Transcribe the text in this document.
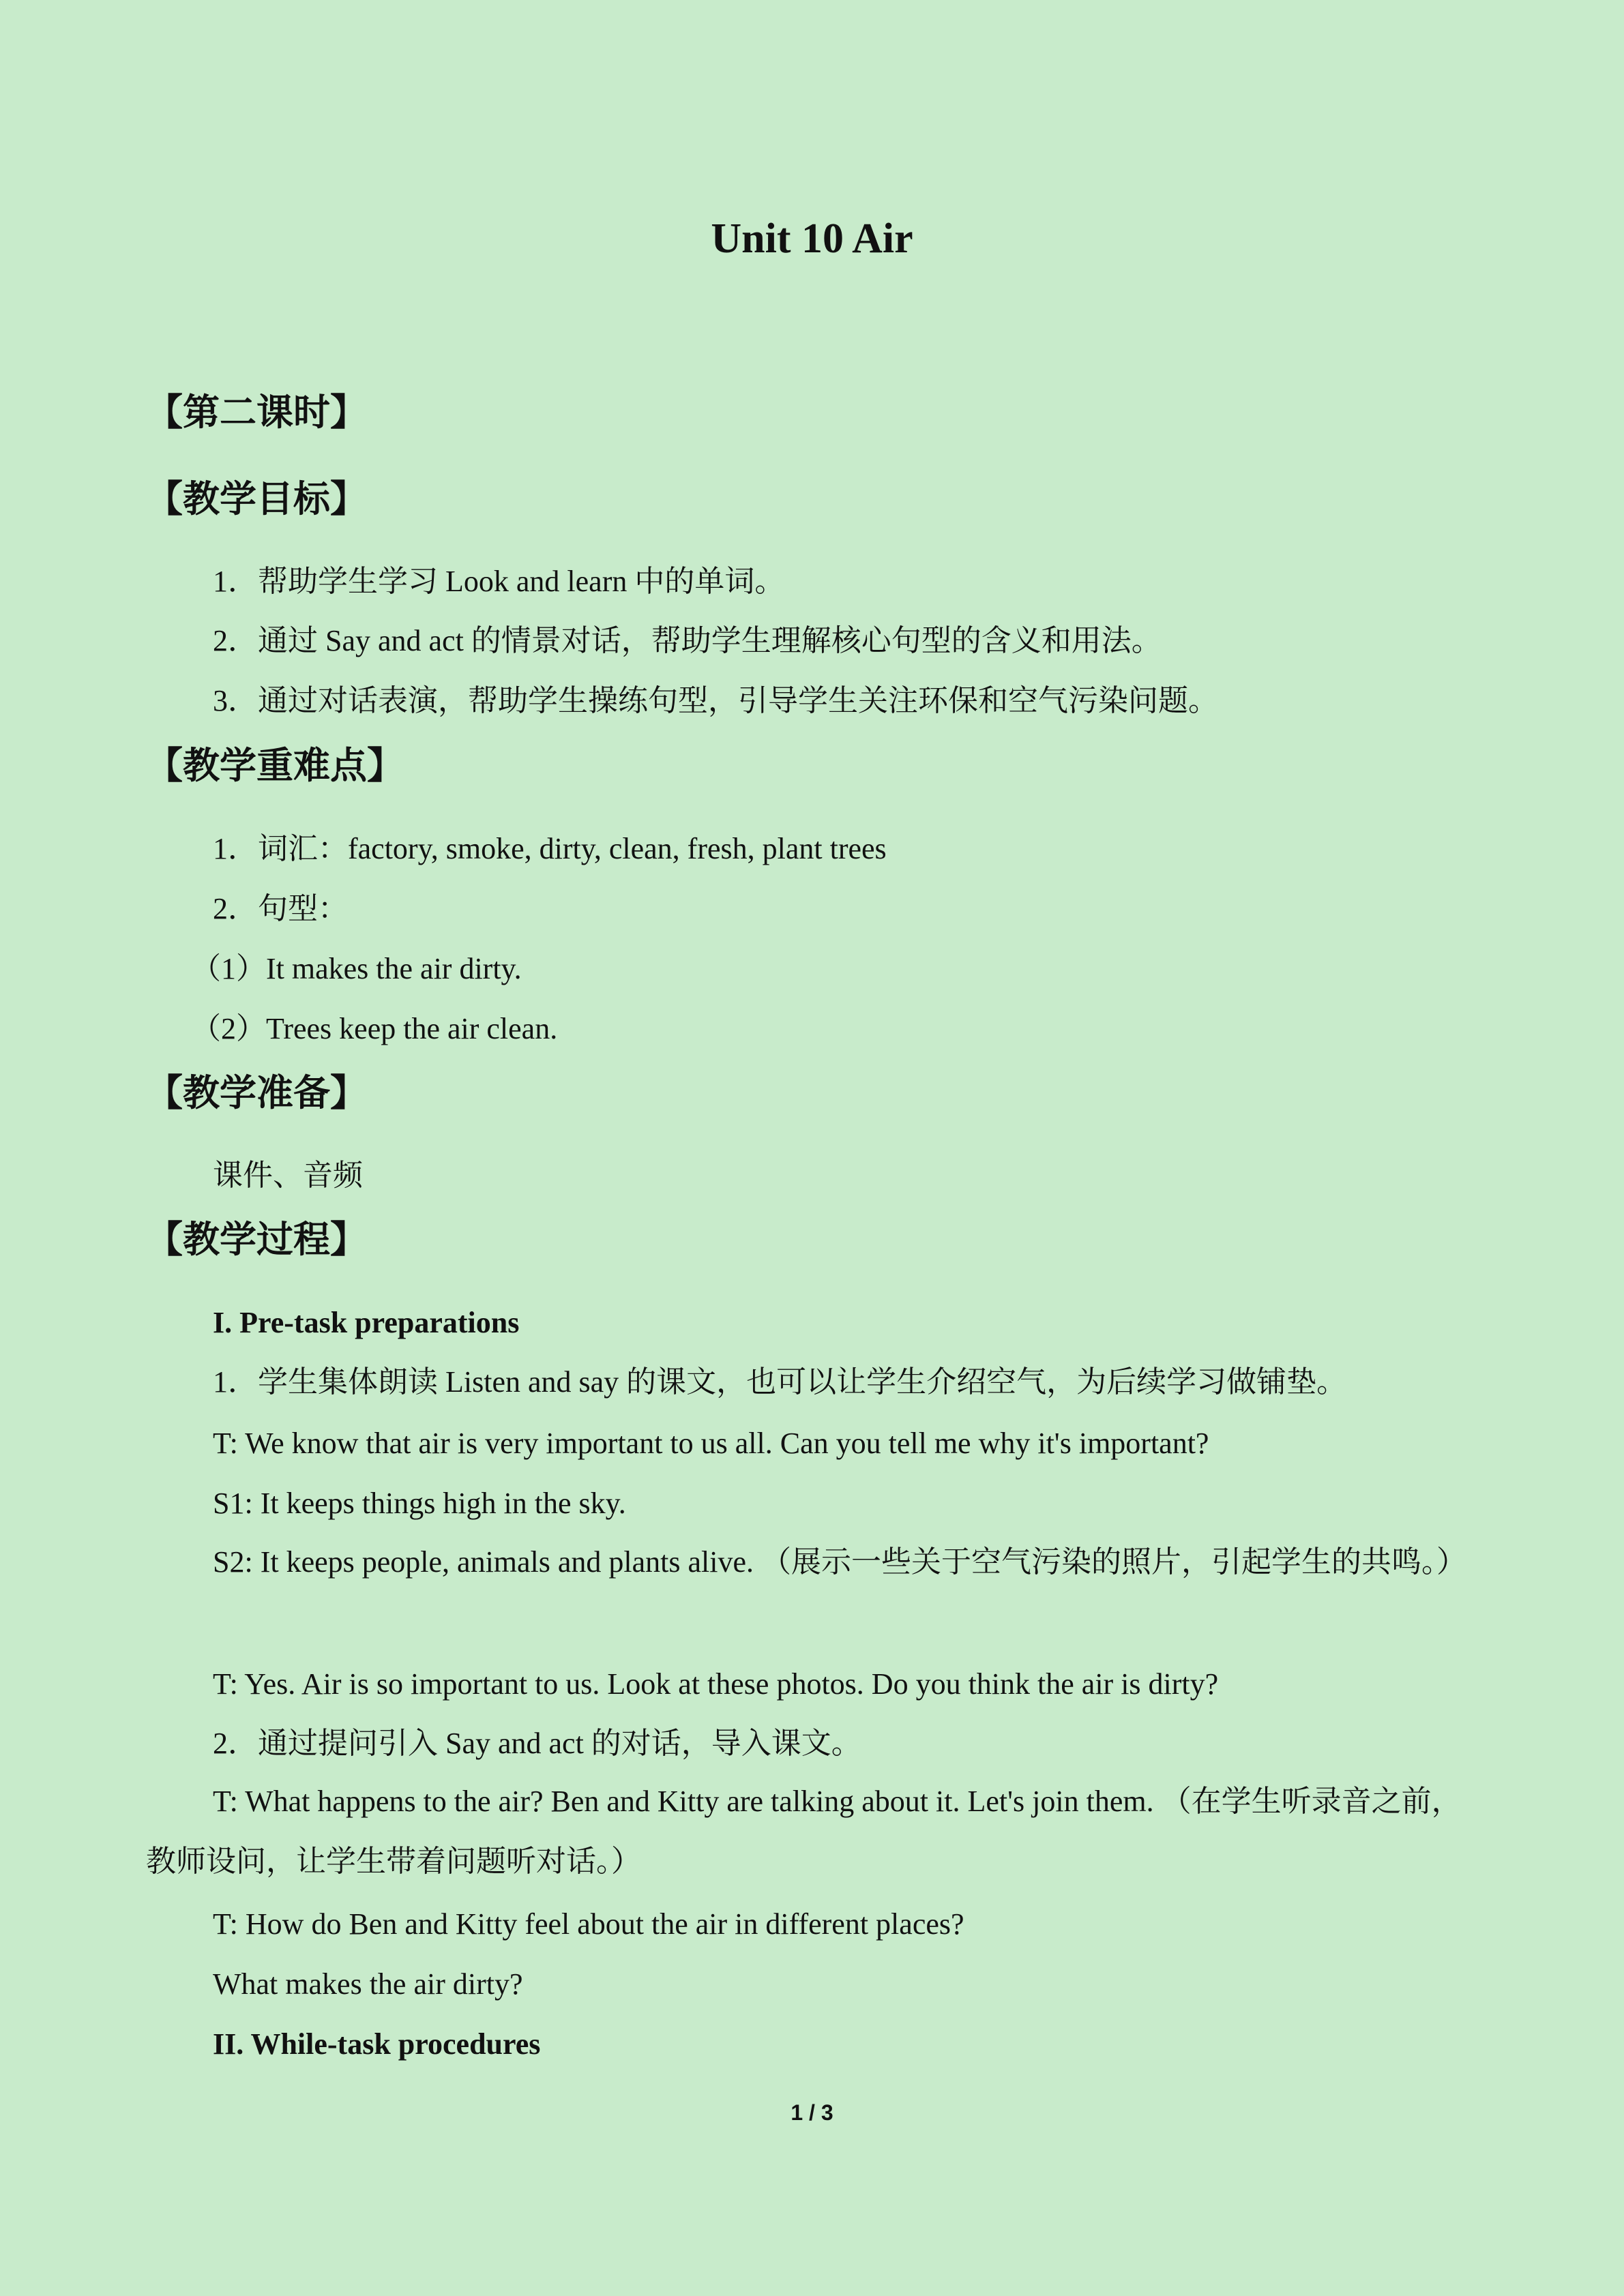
Unit 10 Air
【第二课时】
【教学目标】
1．帮助学生学习 Look and learn 中的单词。
2．通过 Say and act 的情景对话，帮助学生理解核心句型的含义和用法。
3．通过对话表演，帮助学生操练句型，引导学生关注环保和空气污染问题。
【教学重难点】
1．词汇：factory, smoke, dirty, clean, fresh, plant trees
2．句型：
（1）It makes the air dirty.
（2）Trees keep the air clean.
【教学准备】
课件、音频
【教学过程】
I. Pre-task preparations
1．学生集体朗读 Listen and say 的课文，也可以让学生介绍空气，为后续学习做铺垫。
T: We know that air is very important to us all. Can you tell me why it's important?
S1: It keeps things high in the sky.
S2: It keeps people, animals and plants alive. （展示一些关于空气污染的照片，引起学生的共鸣。）
T: Yes. Air is so important to us. Look at these photos. Do you think the air is dirty?
2．通过提问引入 Say and act 的对话，导入课文。
T: What happens to the air? Ben and Kitty are talking about it. Let's join them. （在学生听录音之前，教师设问，让学生带着问题听对话。）
T: How do Ben and Kitty feel about the air in different places?
What makes the air dirty?
II. While-task procedures
1 / 3
